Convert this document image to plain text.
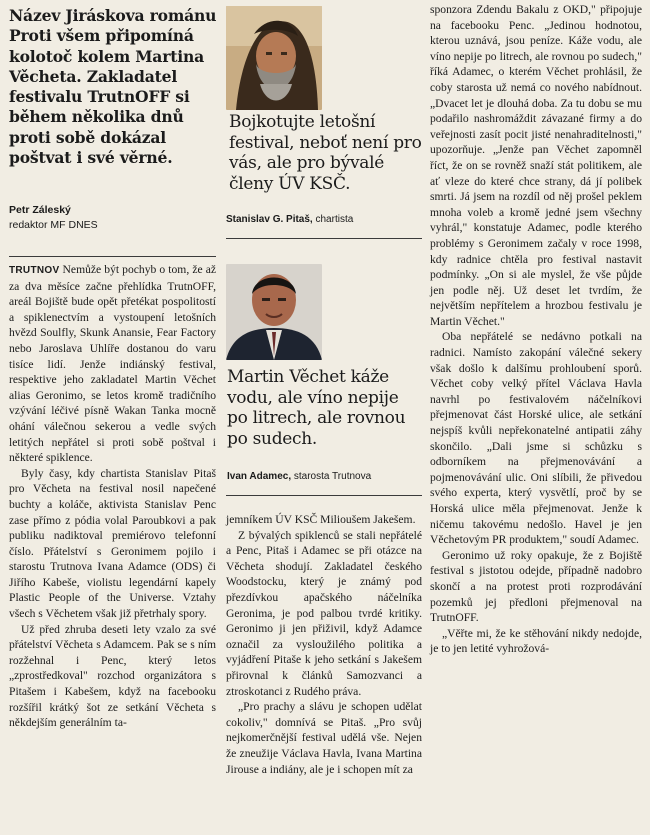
Název Jiráskova románu Proti všem připomíná kolotoč kolem Martina Věcheta. Zakladatel festivalu TrutnOFF si během několika dnů proti sobě dokázal poštvat i své věrné.
Petr Záleský
redaktor MF DNES
Bojkotujte letošní festival, neboť není pro vás, ale pro bývalé členy ÚV KSČ.
Stanislav G. Pitaš, chartista
Martin Věchet káže vodu, ale víno nepije po litrech, ale rovnou po sudech.
Ivan Adamec, starosta Trutnova

TRUTNOV Nemůže být pochyb o tom, že až za dva měsíce začne přehlídka TrutnOFF, areál Bojiště bude opět přetékat pospolitostí a spiklenectvím a vystoupení letošních hvězd Soulfly, Skunk Anansie, Fear Factory nebo Jaroslava Uhlíře dostanou do varu tisíce lidí. Jenže indiánský festival, respektive jeho zakladatel Martin Věchet alias Geronimo, se letos kromě tradičního vzývání léčivé písně Wakan Tanka mocně ohání válečnou sekerou a vedle svých letitých nepřátel si proti sobě poštval i některé spiklence.

Byly časy, kdy chartista Stanislav Pitaš pro Věcheta na festival nosil napečené buchty a koláče, aktivista Stanislav Penc zase přímo z pódia volal Paroubkovi a pak publiku nadiktoval premiérovo telefonní číslo. Přátelství s Geronimem pojilo i starostu Trutnova Ivana Adamce (ODS) či Jiřího Kabeše, violistu legendární kapely Plastic People of the Universe. Vztahy všech s Věchetem však již přetrhaly spory.

Už před zhruba deseti lety vzalo za své přátelství Věcheta s Adamcem. Pak se s ním rozžehnal i Penc, který letos „zprostředkoval" rozchod organizátora s Pitašem i Kabešem, když na facebooku rozšířil krátký šot ze setkání Věcheta s někdejším generálním ta-

jemníkem ÚV KSČ Milioušem Jakešem.

Z bývalých spiklenců se stali nepřátelé a Penc, Pitaš i Adamec se při otázce na Věcheta shodují. Zakladatel českého Woodstocku, který je známý pod přezdívkou apačského náčelníka Geronima, je pod palbou tvrdé kritiky. Geronimo ji jen přiživil, když Adamce označil za vysloužilého politika a vyjádření Pitaše k jeho setkání s Jakešem přirovnal k článků Samozvanci a ztroskotanci z Rudého práva.

„Pro prachy a slávu je schopen udělat cokoliv," domnívá se Pitaš. „Pro svůj nejkomerčnější festival udělá vše. Nejen že zneužije Václava Havla, Ivana Martina Jirouse a indiány, ale je i schopen mít za

sponzora Zdendu Bakalu z OKD," připojuje na facebooku Penc. „Jedinou hodnotou, kterou uznává, jsou peníze. Káže vodu, ale víno nepije po litrech, ale rovnou po sudech," říká Adamec, o kterém Věchet prohlásil, že coby starosta už nemá co nového nabídnout. „Dvacet let je dlouhá doba. Za tu dobu se mu podařilo nashromáždit závazané firmy a do veřejnosti zasít pocit jisté nenahraditelnosti," upozorňuje. „Jenže pan Věchet zapomněl říct, že on se rovněž snaží stát politikem, ale ať vleze do které chce strany, dá jí polibek smrti. Já jsem na rozdíl od něj prošel peklem mnoha voleb a kromě jedné jsem všechny vyhrál," konstatuje Adamec, podle kterého problémy s Geronimem začaly v roce 1998, kdy radnice chtěla pro festival nastavit podmínky. „On si ale myslel, že vše půjde jen podle něj. Už deset let tvrdím, že největším nepřítelem a hrozbou festivalu je Martin Věchet."

Oba nepřátelé se nedávno potkali na radnici. Namísto zakopání válečné sekery však došlo k dalšímu prohloubení sporů. Věchet coby velký přítel Václava Havla navrhl po festivalovém náčelníkovi přejmenovat část Horské ulice, ale setkání nejspíš kvůli nepřekonatelné antipatii záhy skončilo. „Dali jsme si schůzku s odborníkem na přejmenovávání a pojmenovávání ulic. Oni slíbili, že přivedou svého experta, který vysvětlí, proč by se Horská ulice měla přejmenovat. Jenže k ničemu takovému nedošlo. Havel je jen Věchetovým PR produktem," soudí Adamec.

Geronimo už roky opakuje, že z Bojiště festival s jistotou odejde, případně nadobro skončí a na protest proti rozprodávání pozemků jej předloni přejmenoval na TrutnOFF.

„Věřte mi, že ke stěhování nikdy nedojde, je to jen letité vyhrožová-
